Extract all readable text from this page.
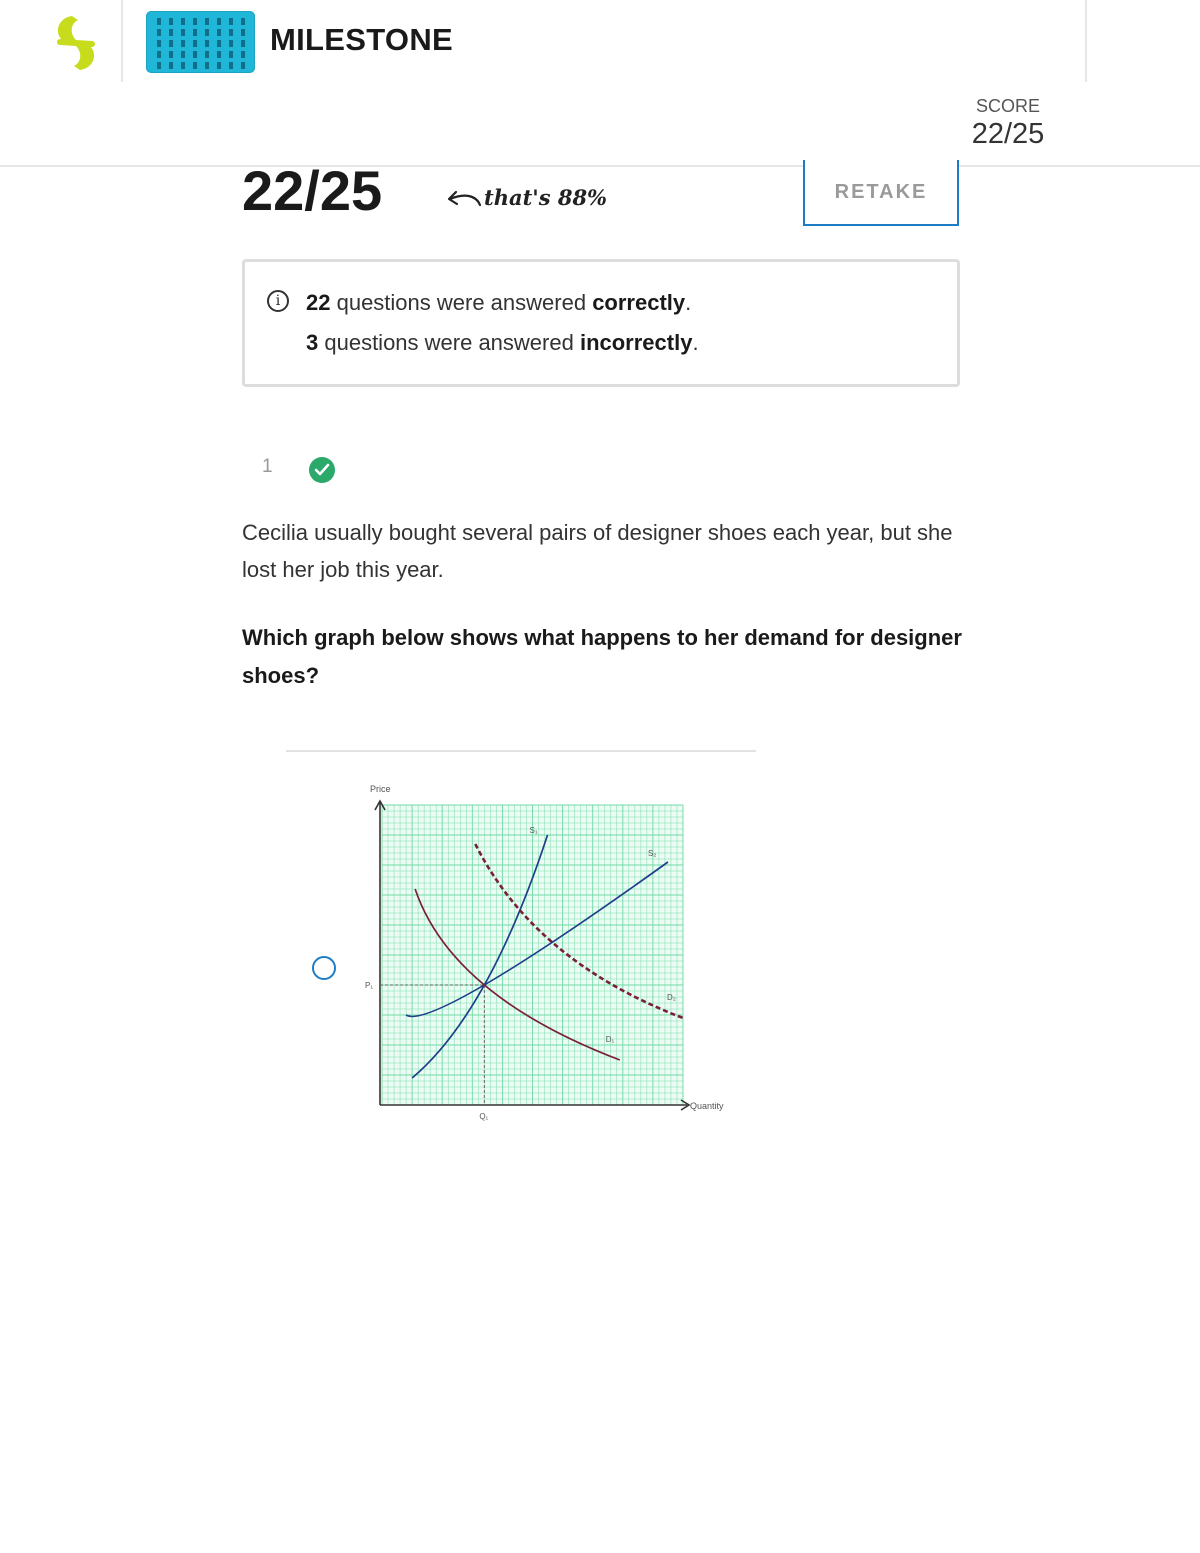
MILESTONE
SCORE
22/25
22/25	that's 88%	RETAKE
i	22 questions were answered correctly.
3 questions were answered incorrectly.
1
Cecilia usually bought several pairs of designer shoes each year, but she lost her job this year.
Which graph below shows what happens to her demand for designer shoes?
Price
Quantity
P₁
Q₁
S₁
S₂
D₁
D₂
